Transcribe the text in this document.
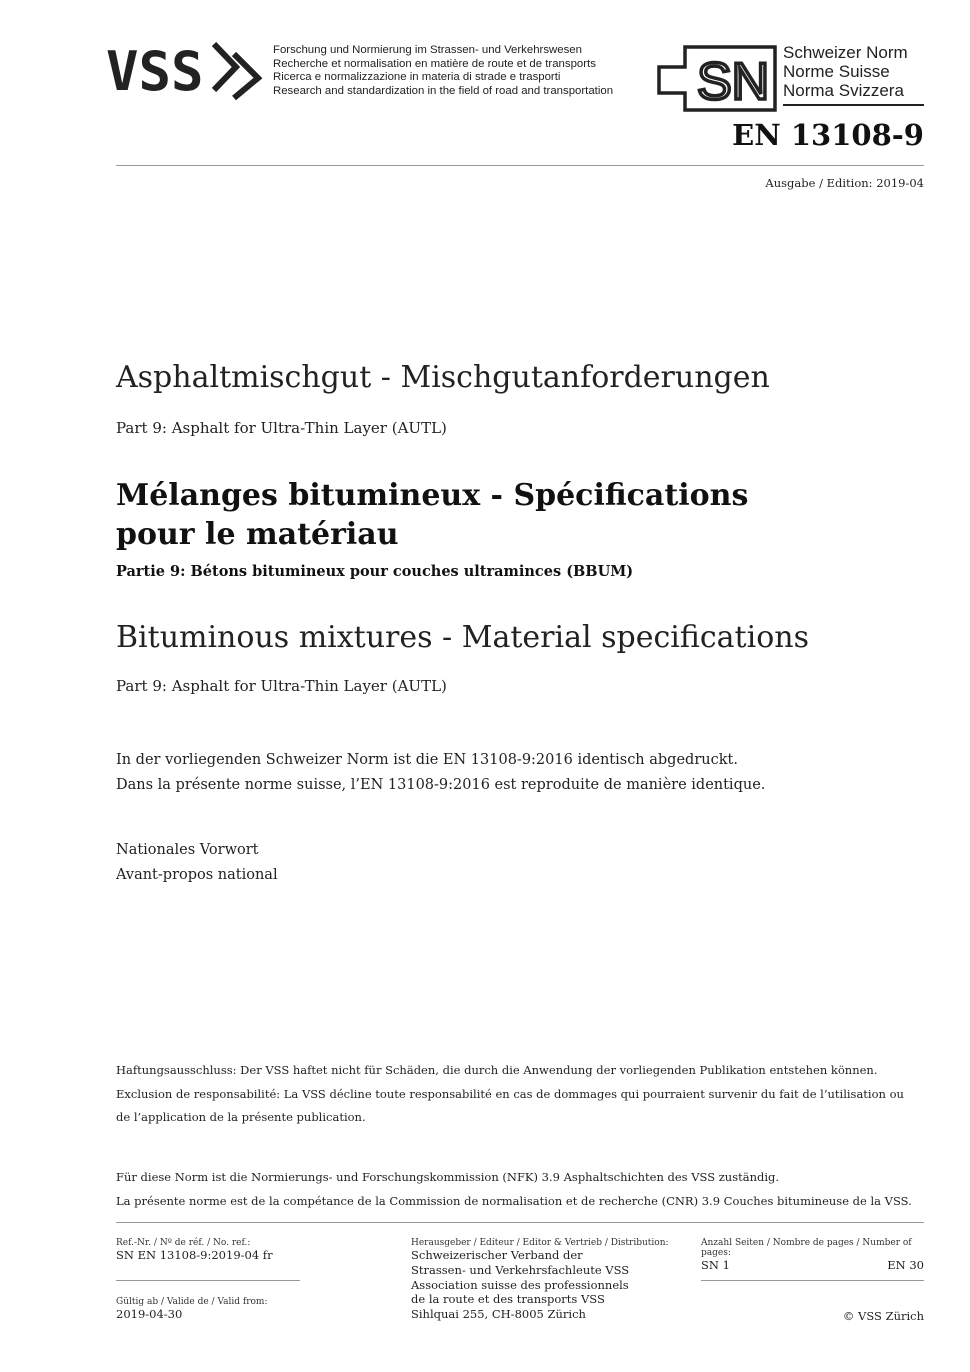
VSS	Forschung und Normierung im Strassen- und Verkehrswesen
Recherche et normalisation en matière de route et de transports
Ricerca e normalizzazione in materia di strade e trasporti
Research and standardization in the field of road and transportation SN
Schweizer Norm
Norme Suisse
Norma Svizzera
EN 13108-9
Ausgabe / Edition: 2019-04
Asphaltmischgut - Mischgutanforderungen
Part 9: Asphalt for Ultra-Thin Layer (AUTL)
Mélanges bitumineux - Spécifications pour le matériau
Partie 9: Bétons bitumineux pour couches ultraminces (BBUM)
Bituminous mixtures - Material specifications
Part 9: Asphalt for Ultra-Thin Layer (AUTL)
In der vorliegenden Schweizer Norm ist die EN 13108-9:2016 identisch abgedruckt.
Dans la présente norme suisse, l’EN 13108-9:2016 est reproduite de manière identique.
Nationales Vorwort
Avant-propos national
Haftungsausschluss: Der VSS haftet nicht für Schäden, die durch die Anwendung der vorliegenden Publikation entstehen können.
Exclusion de responsabilité: La VSS décline toute responsabilité en cas de dommages qui pourraient survenir du fait de l’utilisation ou
de l’application de la présente publication.
Für diese Norm ist die Normierungs- und Forschungskommission (NFK) 3.9 Asphaltschichten des VSS zuständig.
La présente norme est de la compétance de la Commission de normalisation et de recherche (CNR) 3.9 Couches bitumineuse de la VSS.
Ref.-Nr. / Nº de réf. / No. ref.:
SN EN 13108-9:2019-04 fr
Gültig ab / Valide de / Valid from:
2019-04-30
Herausgeber / Editeur / Editor & Vertrieb / Distribution:
Schweizerischer Verband der
Strassen- und Verkehrsfachleute VSS
Association suisse des professionnels
de la route et des transports VSS
Sihlquai 255, CH-8005 Zürich
Anzahl Seiten / Nombre de pages / Number of pages:
SN 1	EN 30
© VSS Zürich
